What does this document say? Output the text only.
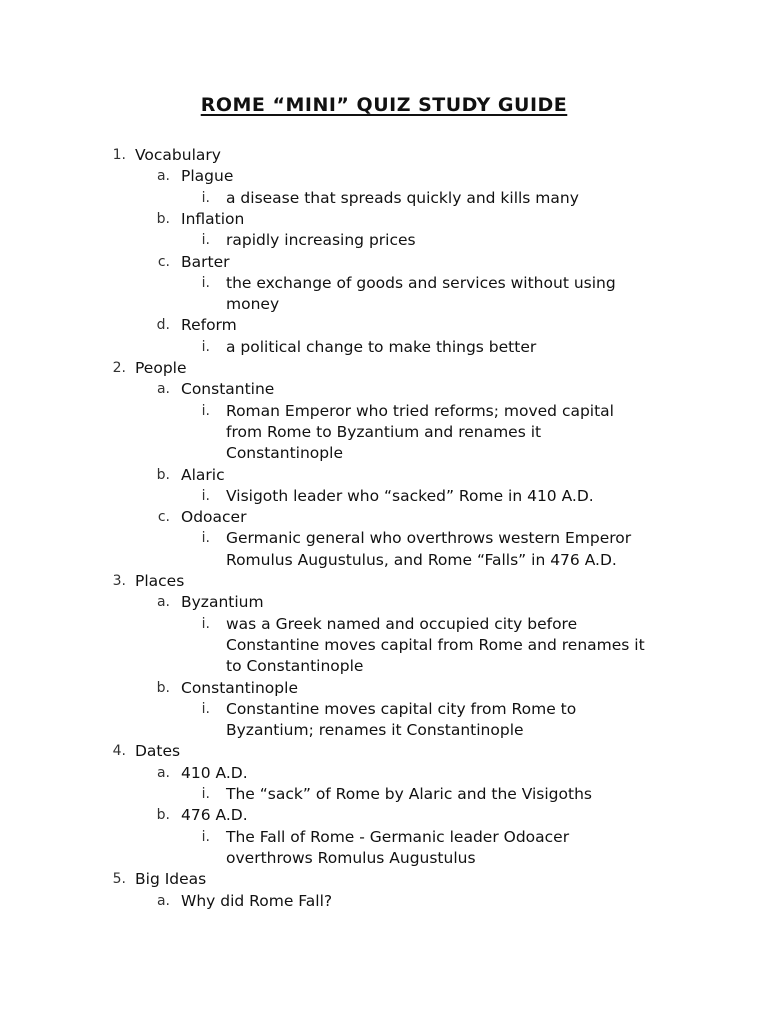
ROME “MINI” QUIZ STUDY GUIDE
1. Vocabulary
a. Plague
i. a disease that spreads quickly and kills many
b. Inflation
i. rapidly increasing prices
c. Barter
i. the exchange of goods and services without using
money
d. Reform
i. a political change to make things better
2. People
a. Constantine
i. Roman Emperor who tried reforms; moved capital
from Rome to Byzantium and renames it
Constantinople
b. Alaric
i. Visigoth leader who “sacked” Rome in 410 A.D.
c. Odoacer
i. Germanic general who overthrows western Emperor
Romulus Augustulus, and Rome “Falls” in 476 A.D.
3. Places
a. Byzantium
i. was a Greek named and occupied city before
Constantine moves capital from Rome and renames it
to Constantinople
b. Constantinople
i. Constantine moves capital city from Rome to
Byzantium; renames it Constantinople
4. Dates
a. 410 A.D.
i. The “sack” of Rome by Alaric and the Visigoths
b. 476 A.D.
i. The Fall of Rome - Germanic leader Odoacer
overthrows Romulus Augustulus
5. Big Ideas
a. Why did Rome Fall?
